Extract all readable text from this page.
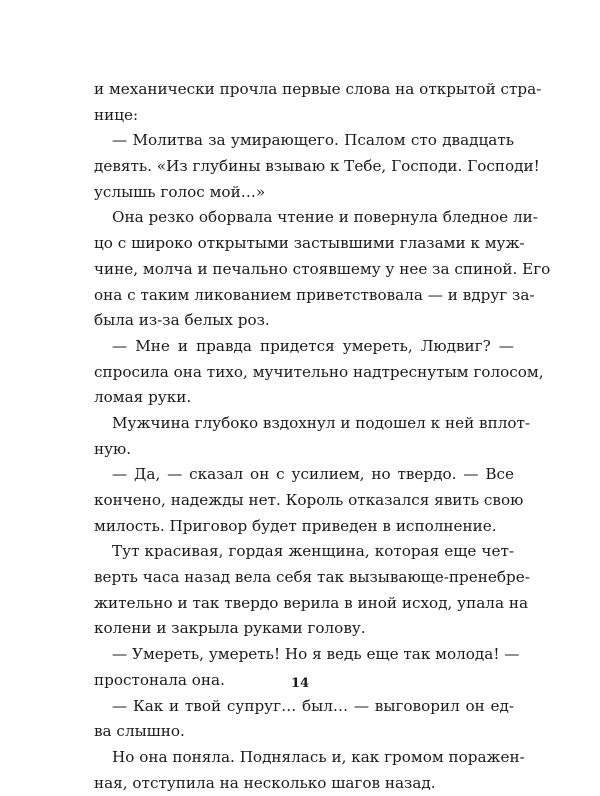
и механически прочла первые слова на открытой стра-
нице:
— Молитва за умирающего. Псалом сто двадцать
девять. «Из глубины взываю к Тебе, Господи. Господи!
услышь голос мой…»
Она резко оборвала чтение и повернула бледное ли-
цо с широко открытыми застывшими глазами к муж-
чине, молча и печально стоявшему у нее за спиной. Его
она с таким ликованием приветствовала — и вдруг за-
была из-за белых роз.
— Мне и правда придется умереть, Людвиг? —
спросила она тихо, мучительно надтреснутым голосом,
ломая руки.
Мужчина глубоко вздохнул и подошел к ней вплот-
ную.
— Да, — сказал он с усилием, но твердо. — Все
кончено, надежды нет. Король отказался явить свою
милость. Приговор будет приведен в исполнение.
Тут красивая, гордая женщина, которая еще чет-
верть часа назад вела себя так вызывающе-пренебре-
жительно и так твердо верила в иной исход, упала на
колени и закрыла руками голову.
— Умереть, умереть! Но я ведь еще так молода! —
простонала она.
— Как и твой супруг… был… — выговорил он ед-
ва слышно.
Но она поняла. Поднялась и, как громом поражен-
ная, отступила на несколько шагов назад.
14
